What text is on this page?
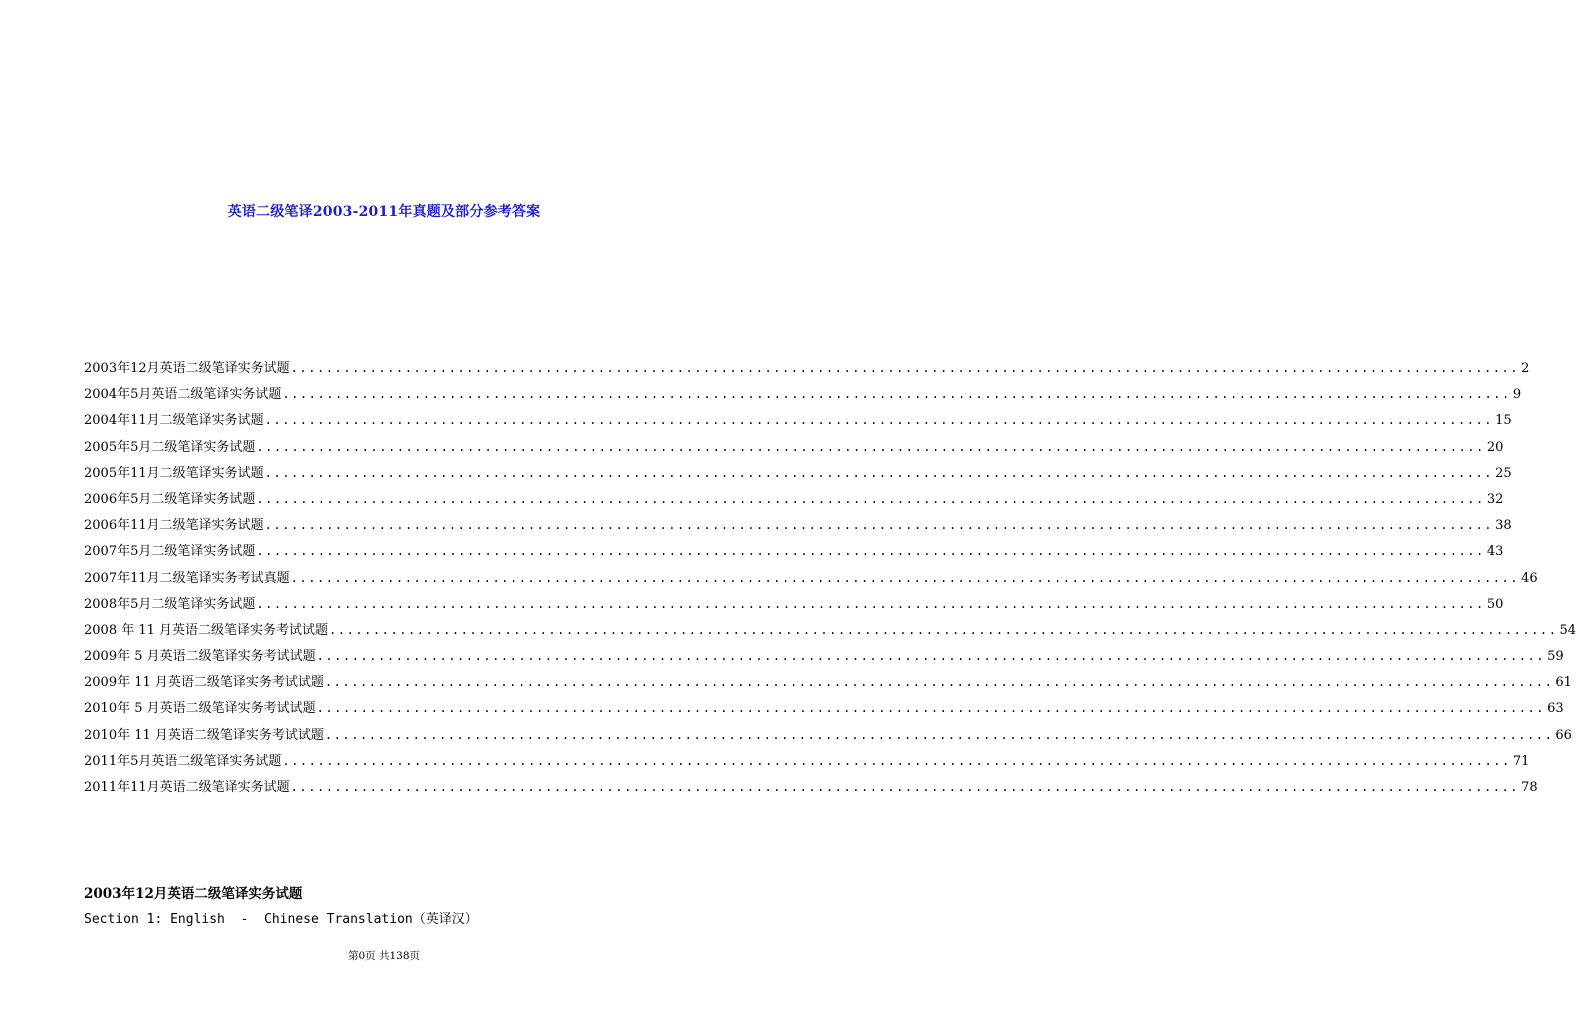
英语二级笔译2003-2011年真题及部分参考答案
2003年12月英语二级笔译实务试题 ............................................................................................................................................ 2
2004年5月英语二级笔译实务试题 ............................................................................................................................................ 9
2004年11月二级笔译实务试题 ............................................................................................................................................ 15
2005年5月二级笔译实务试题 ............................................................................................................................................ 20
2005年11月二级笔译实务试题 ............................................................................................................................................ 25
2006年5月二级笔译实务试题 ............................................................................................................................................ 32
2006年11月二级笔译实务试题 ............................................................................................................................................ 38
2007年5月二级笔译实务试题 ............................................................................................................................................ 43
2007年11月二级笔译实务考试真题 ............................................................................................................................................ 46
2008年5月二级笔译实务试题 ............................................................................................................................................ 50
2008 年 11 月英语二级笔译实务考试试题 ............................................................................................................................................ 54
2009年 5 月英语二级笔译实务考试试题 ............................................................................................................................................ 59
2009年 11 月英语二级笔译实务考试试题 ............................................................................................................................................ 61
2010年 5 月英语二级笔译实务考试试题 ............................................................................................................................................ 63
2010年 11 月英语二级笔译实务考试试题 ............................................................................................................................................ 66
2011年5月英语二级笔译实务试题 ............................................................................................................................................ 71
2011年11月英语二级笔译实务试题 ............................................................................................................................................ 78
2003年12月英语二级笔译实务试题
Section 1: English  -  Chinese Translation（英译汉）
第0页 共138页
